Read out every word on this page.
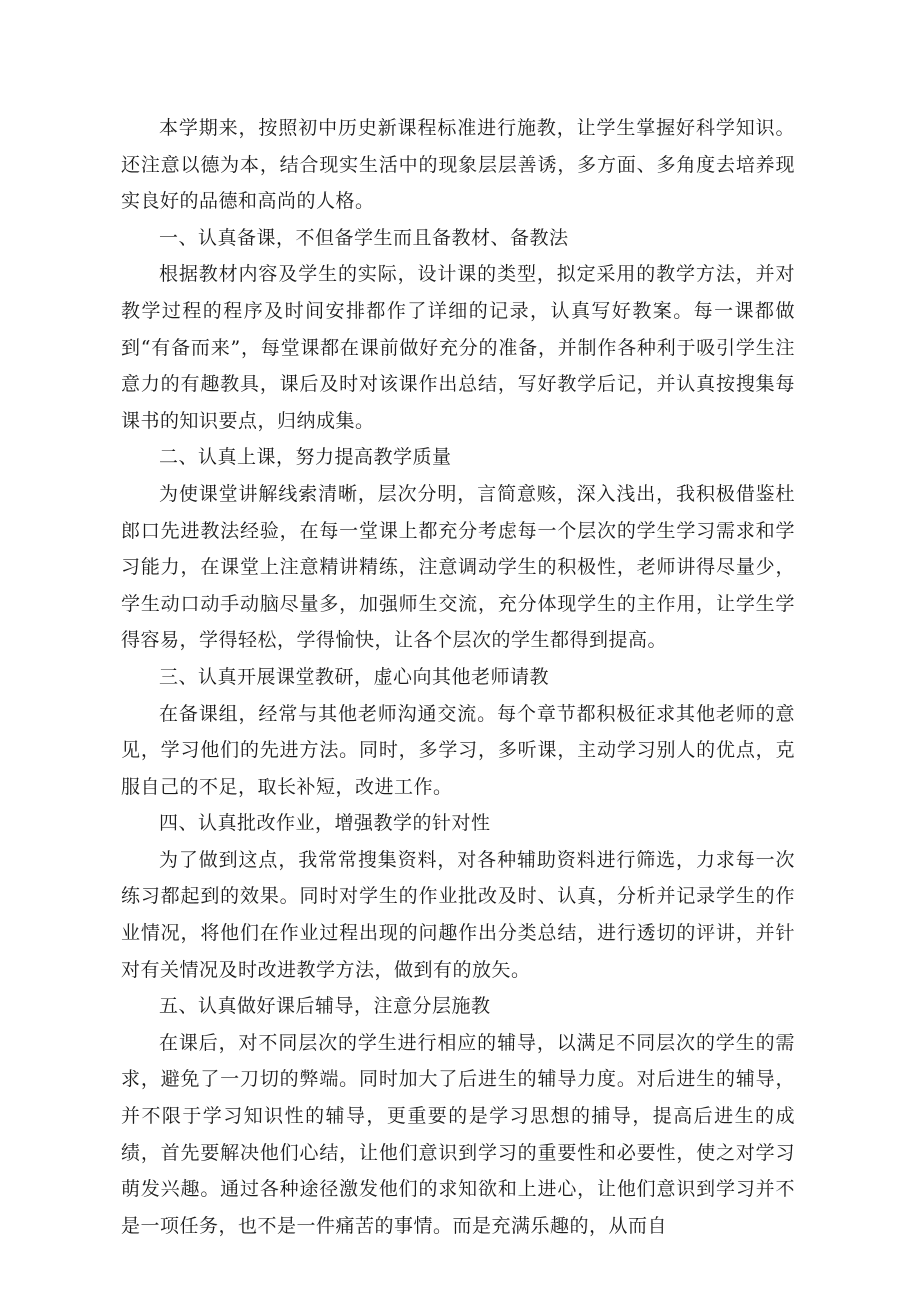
本学期来，按照初中历史新课程标准进行施教，让学生掌握好科学知识。还注意以德为本，结合现实生活中的现象层层善诱，多方面、多角度去培养现实良好的品德和高尚的人格。

一、认真备课，不但备学生而且备教材、备教法

根据教材内容及学生的实际，设计课的类型，拟定采用的教学方法，并对教学过程的程序及时间安排都作了详细的记录，认真写好教案。每一课都做到“有备而来”，每堂课都在课前做好充分的准备，并制作各种利于吸引学生注意力的有趣教具，课后及时对该课作出总结，写好教学后记，并认真按搜集每课书的知识要点，归纳成集。

二、认真上课，努力提高教学质量

为使课堂讲解线索清晰，层次分明，言简意赅，深入浅出，我积极借鉴杜郎口先进教法经验，在每一堂课上都充分考虑每一个层次的学生学习需求和学习能力，在课堂上注意精讲精练，注意调动学生的积极性，老师讲得尽量少，学生动口动手动脑尽量多，加强师生交流，充分体现学生的主作用，让学生学得容易，学得轻松，学得愉快，让各个层次的学生都得到提高。

三、认真开展课堂教研，虚心向其他老师请教

在备课组，经常与其他老师沟通交流。每个章节都积极征求其他老师的意见，学习他们的先进方法。同时，多学习，多听课，主动学习别人的优点，克服自己的不足，取长补短，改进工作。

四、认真批改作业，增强教学的针对性

为了做到这点，我常常搜集资料，对各种辅助资料进行筛选，力求每一次练习都起到的效果。同时对学生的作业批改及时、认真，分析并记录学生的作业情况，将他们在作业过程出现的问趣作出分类总结，进行透切的评讲，并针对有关情况及时改进教学方法，做到有的放矢。

五、认真做好课后辅导，注意分层施教

在课后，对不同层次的学生进行相应的辅导，以满足不同层次的学生的需求，避免了一刀切的弊端。同时加大了后进生的辅导力度。对后进生的辅导，并不限于学习知识性的辅导，更重要的是学习思想的捕导，提高后进生的成绩，首先要解决他们心结，让他们意识到学习的重要性和必要性，使之对学习萌发兴趣。通过各种途径激发他们的求知欲和上进心，让他们意识到学习并不是一项任务，也不是一件痛苦的事情。而是充满乐趣的，从而自
